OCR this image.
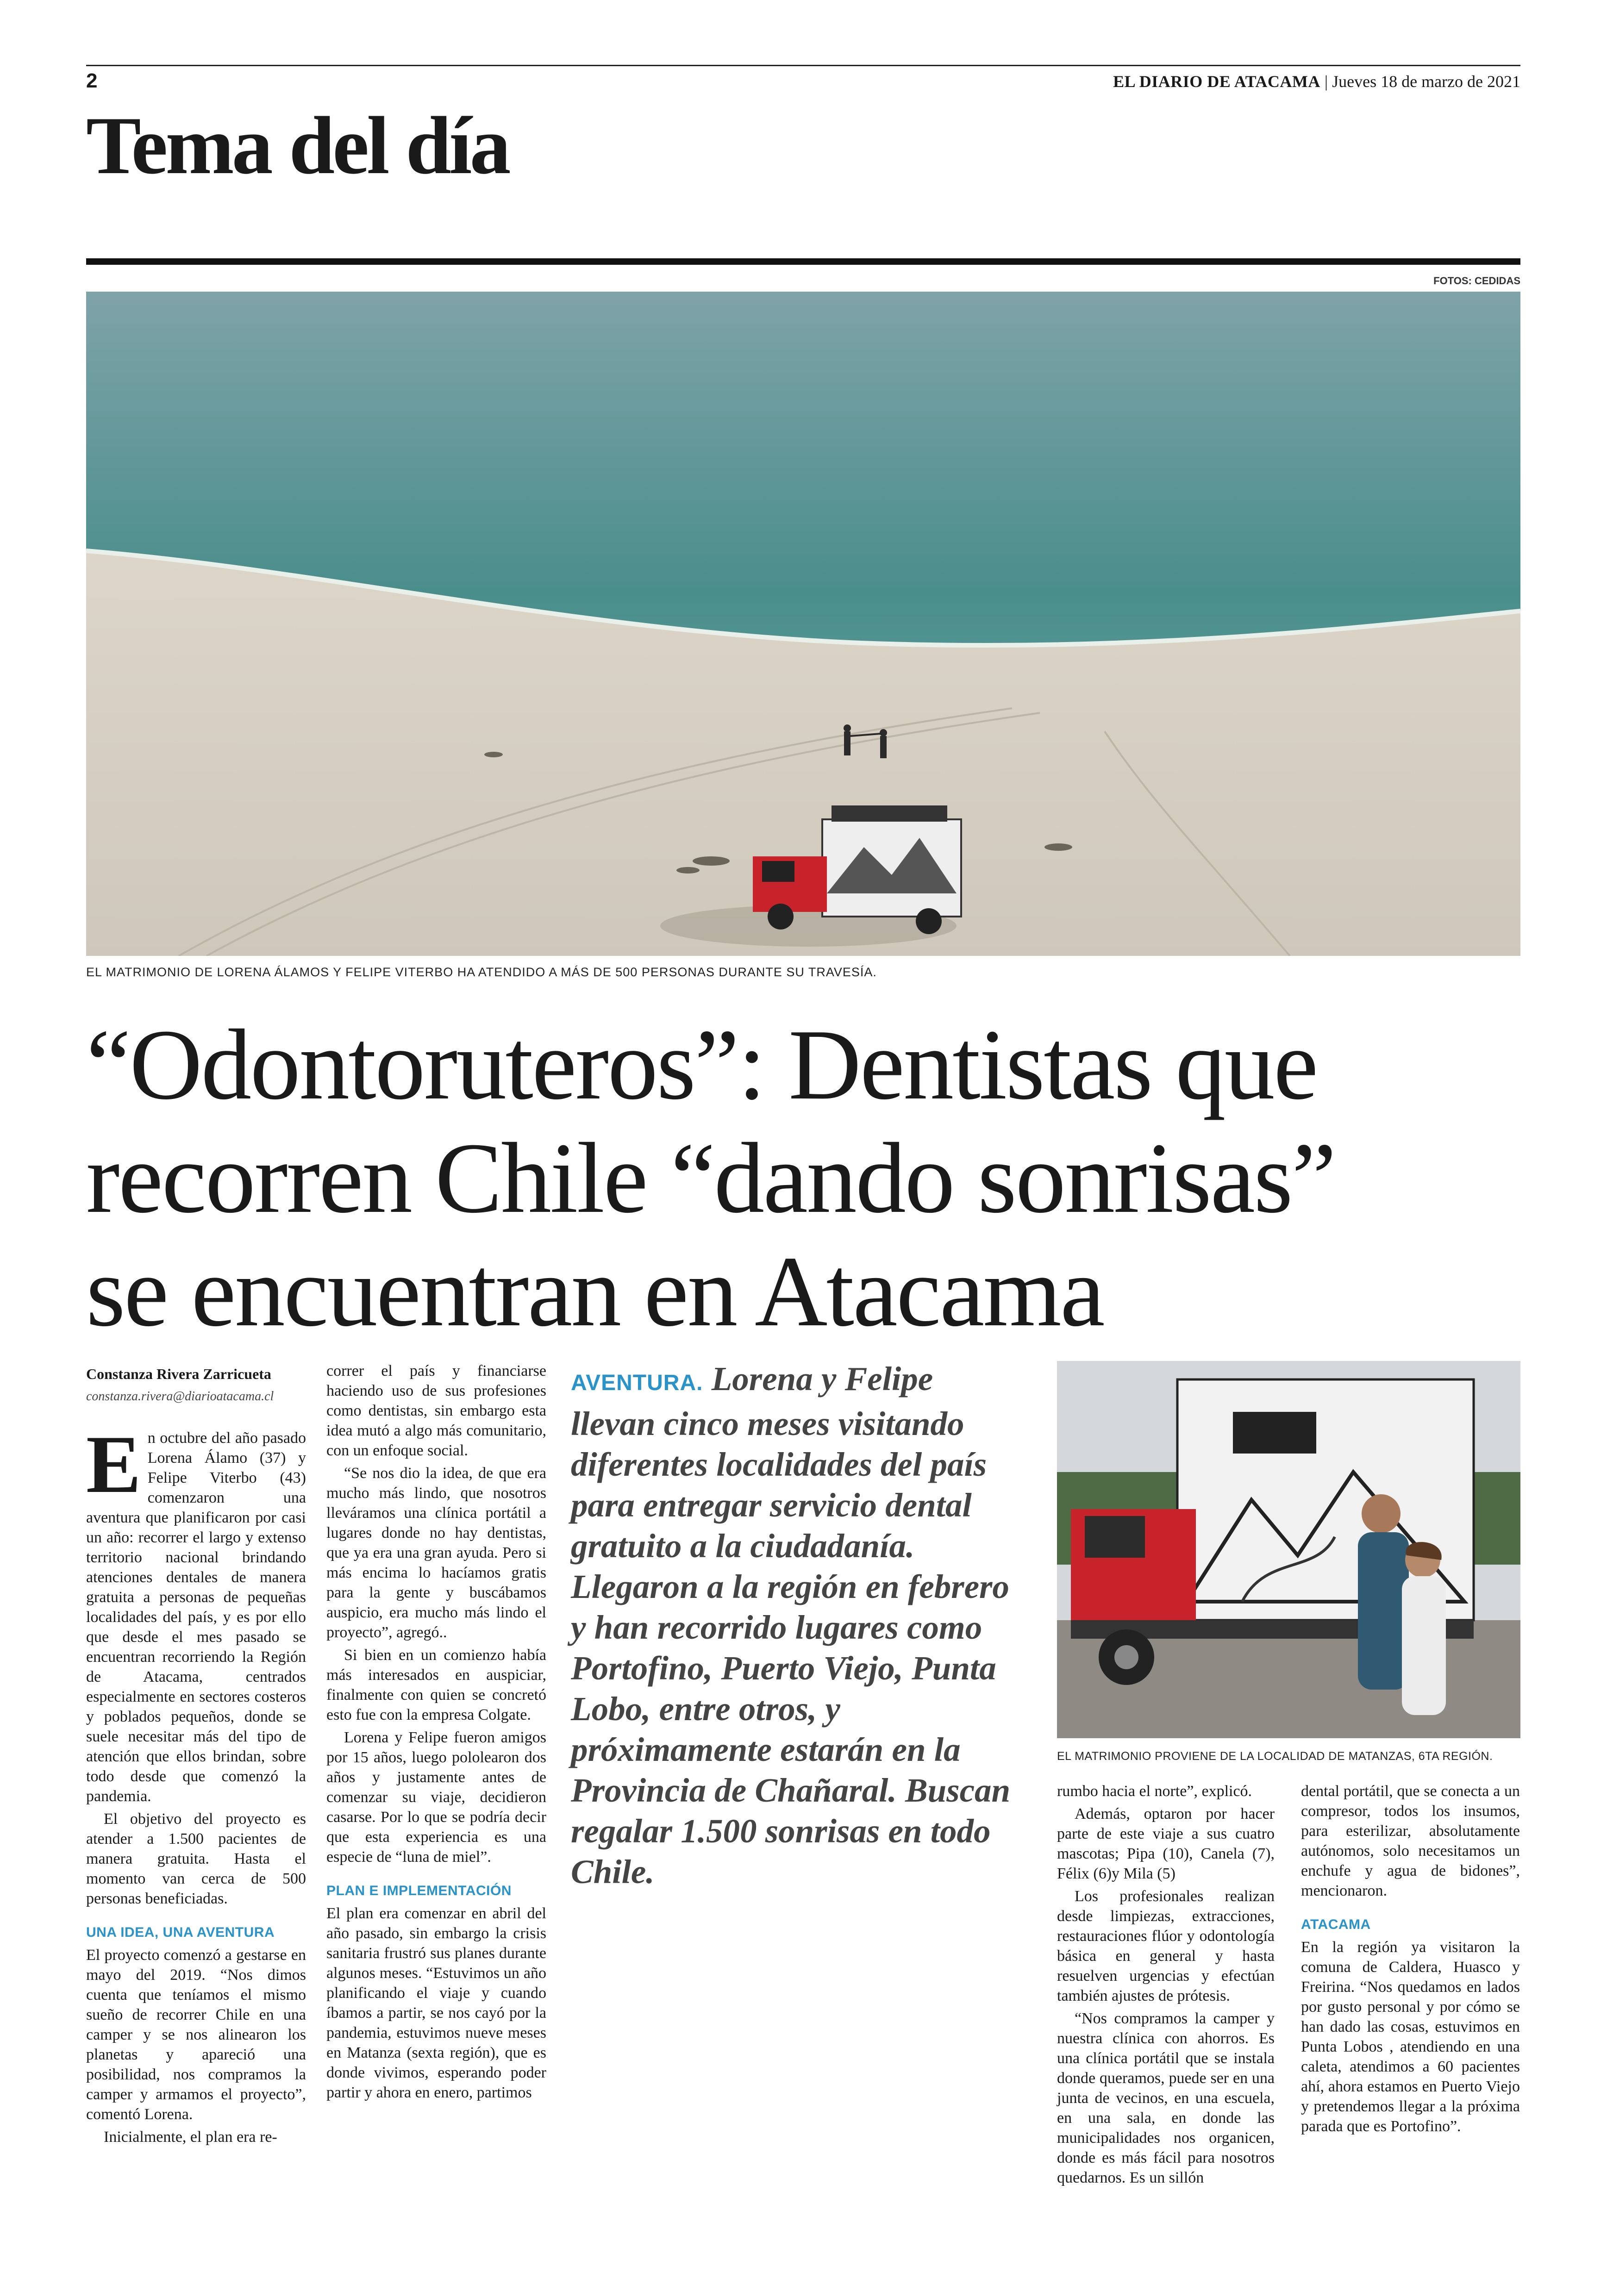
2	EL DIARIO DE ATACAMA | Jueves 18 de marzo de 2021
Tema del día
FOTOS: CEDIDAS
EL MATRIMONIO DE LORENA ÁLAMOS Y FELIPE VITERBO HA ATENDIDO A MÁS DE 500 PERSONAS DURANTE SU TRAVESÍA.
“Odontoruteros”: Dentistas que
recorren Chile “dando sonrisas”
se encuentran en Atacama
Constanza Rivera Zarricueta
constanza.rivera@diarioatacama.cl

En octubre del año pasado Lorena Álamo (37) y Felipe Viterbo (43) comenzaron una aventura que planificaron por casi un año: recorrer el largo y extenso territorio nacional brindando atenciones dentales de manera gratuita a personas de pequeñas localidades del país, y es por ello que desde el mes pasado se encuentran recorriendo la Región de Atacama, centrados especialmente en sectores costeros y poblados pequeños, donde se suele necesitar más del tipo de atención que ellos brindan, sobre todo desde que comenzó la pandemia.

El objetivo del proyecto es atender a 1.500 pacientes de manera gratuita. Hasta el momento van cerca de 500 personas beneficiadas.

UNA IDEA, UNA AVENTURA

El proyecto comenzó a gestarse en mayo del 2019. “Nos dimos cuenta que teníamos el mismo sueño de recorrer Chile en una camper y se nos alinearon los planetas y apareció una posibilidad, nos compramos la camper y armamos el proyecto”, comentó Lorena.

Inicialmente, el plan era re-

correr el país y financiarse haciendo uso de sus profesiones como dentistas, sin embargo esta idea mutó a algo más comunitario, con un enfoque social.

“Se nos dio la idea, de que era mucho más lindo, que nosotros lleváramos una clínica portátil a lugares donde no hay dentistas, que ya era una gran ayuda. Pero si más encima lo hacíamos gratis para la gente y buscábamos auspicio, era mucho más lindo el proyecto”, agregó..

Si bien en un comienzo había más interesados en auspiciar, finalmente con quien se concretó esto fue con la empresa Colgate.

Lorena y Felipe fueron amigos por 15 años, luego pololearon dos años y justamente antes de comenzar su viaje, decidieron casarse. Por lo que se podría decir que esta experiencia es una especie de “luna de miel”.

PLAN E IMPLEMENTACIÓN

El plan era comenzar en abril del año pasado, sin embargo la crisis sanitaria frustró sus planes durante algunos meses. “Estuvimos un año planificando el viaje y cuando íbamos a partir, se nos cayó por la pandemia, estuvimos nueve meses en Matanza (sexta región), que es donde vivimos, esperando poder partir y ahora en enero, partimos

AVENTURA. Lorena y Felipe llevan cinco meses visitando diferentes localidades del país para entregar servicio dental gratuito a la ciudadanía. Llegaron a la región en febrero y han recorrido lugares como Portofino, Puerto Viejo, Punta Lobo, entre otros, y próximamente estarán en la Provincia de Chañaral. Buscan regalar 1.500 sonrisas en todo Chile.
EL MATRIMONIO PROVIENE DE LA LOCALIDAD DE MATANZAS, 6TA REGIÓN.

rumbo hacia el norte”, explicó.

Además, optaron por hacer parte de este viaje a sus cuatro mascotas; Pipa (10), Canela (7), Félix (6)y Mila (5)

Los profesionales realizan desde limpiezas, extracciones, restauraciones flúor y odontología básica en general y hasta resuelven urgencias y efectúan también ajustes de prótesis.

“Nos compramos la camper y nuestra clínica con ahorros. Es una clínica portátil que se instala donde queramos, puede ser en una junta de vecinos, en una escuela, en una sala, en donde las municipalidades nos organicen, donde es más fácil para nosotros quedarnos. Es un sillón

dental portátil, que se conecta a un compresor, todos los insumos, para esterilizar, absolutamente autónomos, solo necesitamos un enchufe y agua de bidones”, mencionaron.

ATACAMA

En la región ya visitaron la comuna de Caldera, Huasco y Freirina. “Nos quedamos en lados por gusto personal y por cómo se han dado las cosas, estuvimos en Punta Lobos , atendiendo en una caleta, atendimos a 60 pacientes ahí, ahora estamos en Puerto Viejo y pretendemos llegar a la próxima parada que es Portofino”.
